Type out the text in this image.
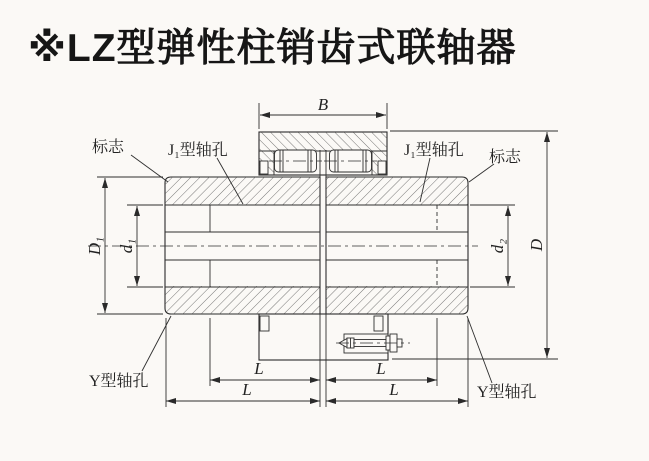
※LZ型弹性柱销齿式联轴器
B
D
D₁ d₁	d₂
L	L
L	L
标志	J₁型轴孔	J₁型轴孔 标志
Y型轴孔
Y型轴孔
